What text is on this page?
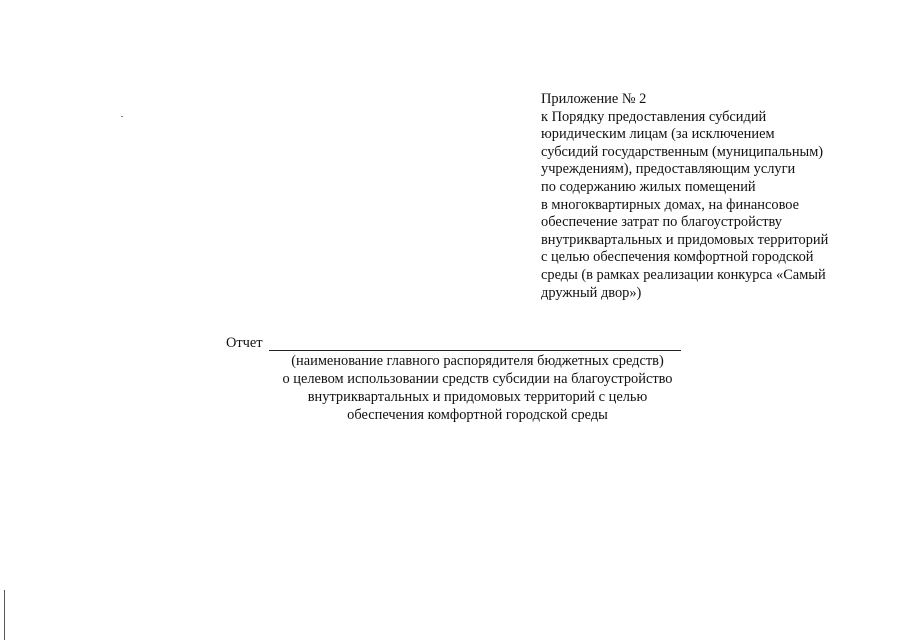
Приложение № 2
к Порядку предоставления субсидий
юридическим лицам (за исключением
субсидий государственным (муниципальным)
учреждениям), предоставляющим услуги
по содержанию жилых помещений
в многоквартирных домах, на финансовое
обеспечение затрат по благоустройству
внутриквартальных и придомовых территорий
с целью обеспечения комфортной городской
среды (в рамках реализации конкурса «Самый
дружный двор»)
Отчет
(наименование главного распорядителя бюджетных средств)
о целевом использовании средств субсидии на благоустройство
внутриквартальных и придомовых территорий с целью
обеспечения комфортной городской среды
